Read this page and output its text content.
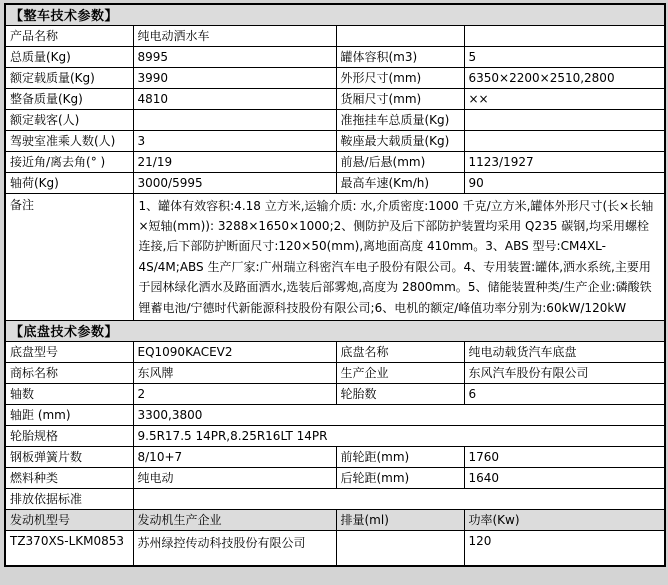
【整车技术参数】			
产品名称	纯电动洒水车		
总质量(Kg)	8995	罐体容积(m3)	5
额定载质量(Kg)	3990	外形尺寸(mm)	6350×2200×2510,2800
整备质量(Kg)	4810	货厢尺寸(mm)	××
额定载客(人)		准拖挂车总质量(Kg)	
驾驶室准乘人数(人)	3	鞍座最大载质量(Kg)	
接近角/离去角(° )	21/19	前悬/后悬(mm)	1123/1927
轴荷(Kg)	3000/5995	最高车速(Km/h)	90
备注	1、罐体有效容积:4.18 立方米,运输介质: 水,介质密度:1000 千克/立方米,罐体外形尺寸(长×长轴×短轴(mm)): 3288×1650×1000;2、侧防护及后下部防护装置均采用 Q235 碳钢,均采用螺栓连接,后下部防护断面尺寸:120×50(mm),离地面高度 410mm。3、ABS 型号:CM4XL-4S/4M;ABS 生产厂家:广州瑞立科密汽车电子股份有限公司。4、专用装置:罐体,洒水系统,主要用于园林绿化洒水及路面洒水,选装后部雾炮,高度为 2800mm。5、储能装置种类/生产企业:磷酸铁锂蓄电池/宁德时代新能源科技股份有限公司;6、电机的额定/峰值功率分别为:60kW/120kW		
【底盘技术参数】			
底盘型号	EQ1090KACEV2	底盘名称	纯电动载货汽车底盘
商标名称	东风牌	生产企业	东风汽车股份有限公司
轴数	2	轮胎数	6
轴距 (mm)	3300,3800		
轮胎规格	9.5R17.5 14PR,8.25R16LT 14PR		
钢板弹簧片数	8/10+7	前轮距(mm)	1760
燃料种类	纯电动	后轮距(mm)	1640
排放依据标准			
发动机型号	发动机生产企业	排量(ml)	功率(Kw)
TZ370XS-LKM0853	苏州绿控传动科技股份有限公司		120
